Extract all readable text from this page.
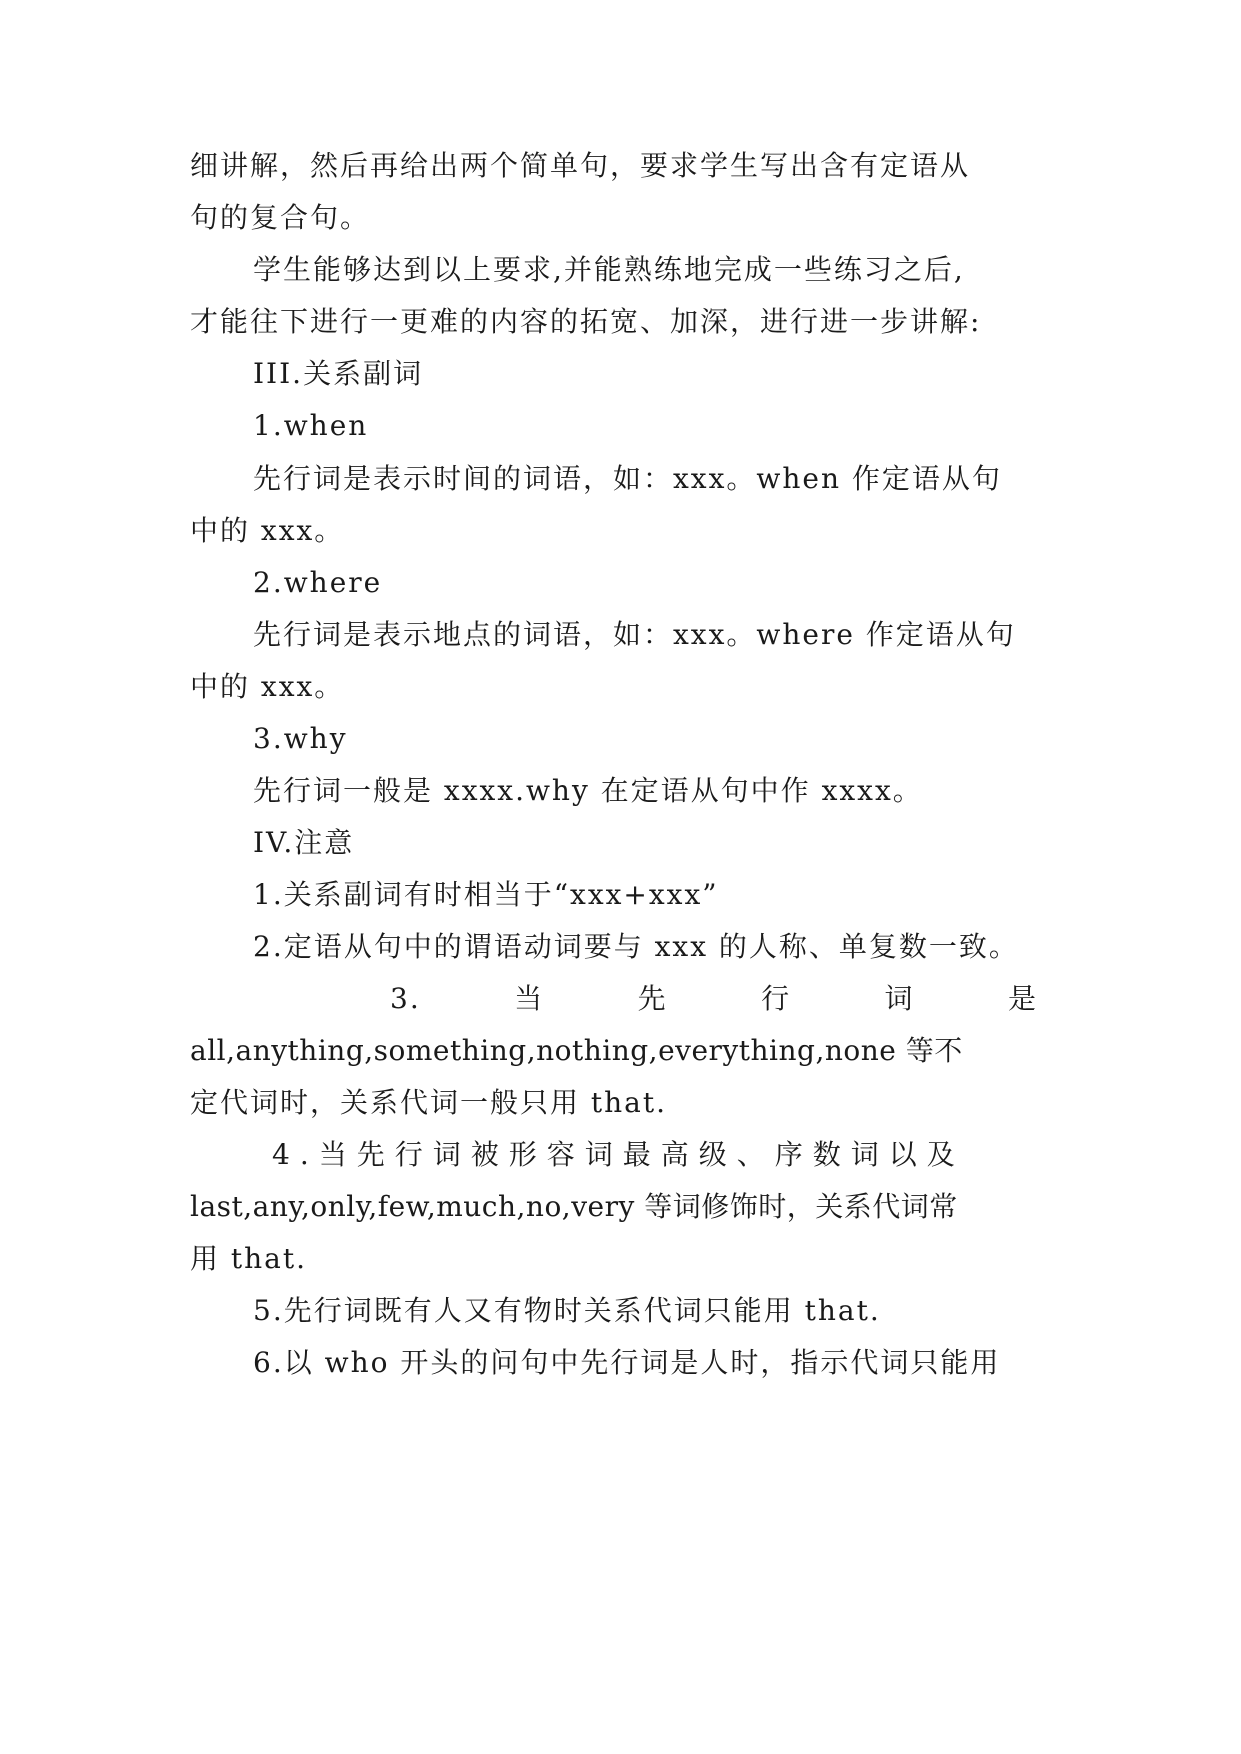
细讲解，然后再给出两个简单句，要求学生写出含有定语从
句的复合句。
学生能够达到以上要求,并能熟练地完成一些练习之后,
才能往下进行一更难的内容的拓宽、加深，进行进一步讲解:
III.关系副词
1.when
先行词是表示时间的词语，如：xxx。when 作定语从句
中的 xxx。
2.where
先行词是表示地点的词语，如：xxx。where 作定语从句
中的 xxx。
3.why
先行词一般是 xxxx.why 在定语从句中作 xxxx。
IV.注意
1.关系副词有时相当于“xxx+xxx”
2.定语从句中的谓语动词要与 xxx 的人称、单复数一致。
3.	当	先	行	词	是
all,anything,something,nothing,everything,none 等不
定代词时，关系代词一般只用 that.
4.当先行词被形容词最高级、序数词以及
last,any,only,few,much,no,very 等词修饰时，关系代词常
用 that.
5.先行词既有人又有物时关系代词只能用 that.
6.以 who 开头的问句中先行词是人时，指示代词只能用
